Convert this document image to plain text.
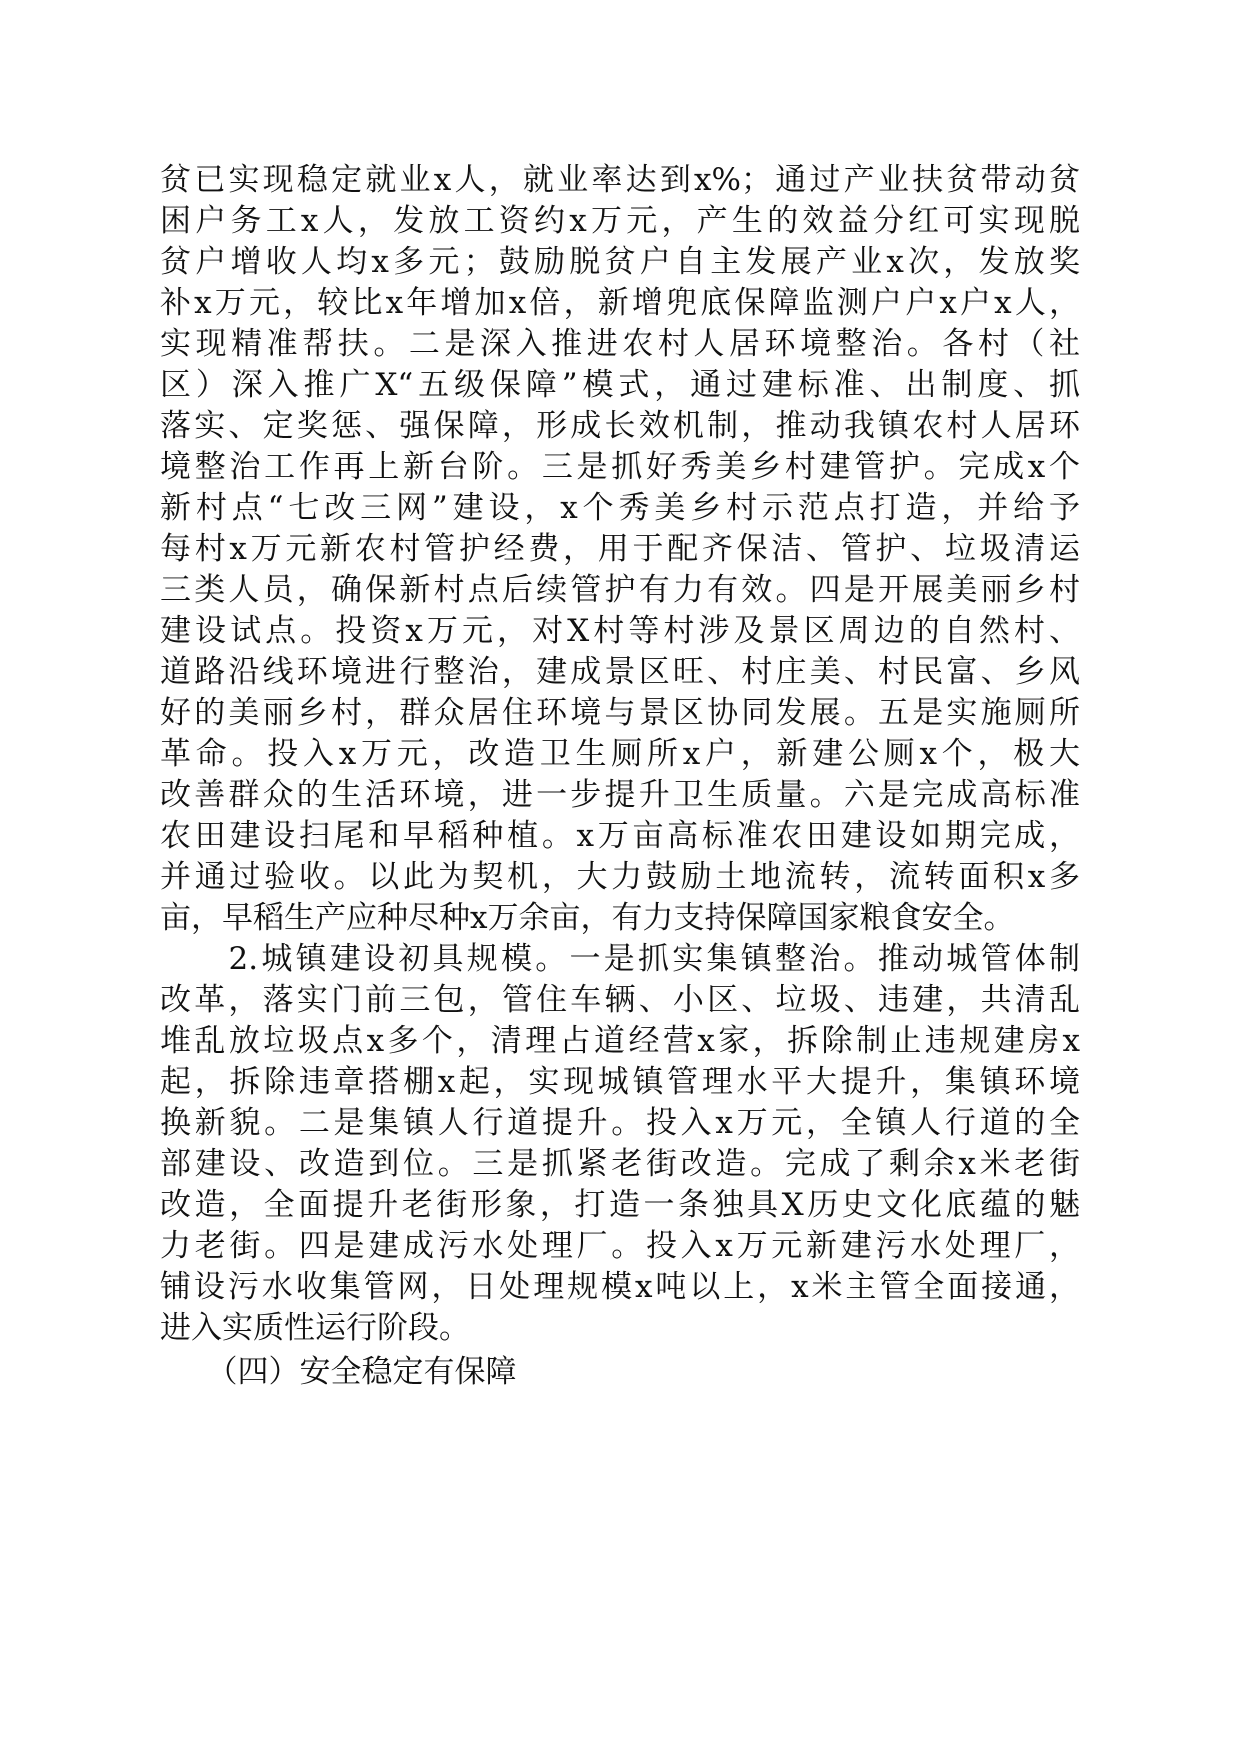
贫已实现稳定就业x人，就业率达到x%；通过产业扶贫带动贫
困户务工x人，发放工资约x万元，产生的效益分红可实现脱
贫户增收人均x多元；鼓励脱贫户自主发展产业x次，发放奖
补x万元，较比x年增加x倍，新增兜底保障监测户户x户x人，
实现精准帮扶。二是深入推进农村人居环境整治。各村（社
区）深入推广X“五级保障”模式，通过建标准、出制度、抓
落实、定奖惩、强保障，形成长效机制，推动我镇农村人居环
境整治工作再上新台阶。三是抓好秀美乡村建管护。完成x个
新村点“七改三网”建设，x个秀美乡村示范点打造，并给予
每村x万元新农村管护经费，用于配齐保洁、管护、垃圾清运
三类人员，确保新村点后续管护有力有效。四是开展美丽乡村
建设试点。投资x万元，对X村等村涉及景区周边的自然村、
道路沿线环境进行整治，建成景区旺、村庄美、村民富、乡风
好的美丽乡村，群众居住环境与景区协同发展。五是实施厕所
革命。投入x万元，改造卫生厕所x户，新建公厕x个，极大
改善群众的生活环境，进一步提升卫生质量。六是完成高标准
农田建设扫尾和早稻种植。x万亩高标准农田建设如期完成，
并通过验收。以此为契机，大力鼓励土地流转，流转面积x多
亩，早稻生产应种尽种x万余亩，有力支持保障国家粮食安全。
　　2.城镇建设初具规模。一是抓实集镇整治。推动城管体制
改革，落实门前三包，管住车辆、小区、垃圾、违建，共清乱
堆乱放垃圾点x多个，清理占道经营x家，拆除制止违规建房x
起，拆除违章搭棚x起，实现城镇管理水平大提升，集镇环境
换新貌。二是集镇人行道提升。投入x万元，全镇人行道的全
部建设、改造到位。三是抓紧老街改造。完成了剩余x米老街
改造，全面提升老街形象，打造一条独具X历史文化底蕴的魅
力老街。四是建成污水处理厂。投入x万元新建污水处理厂，
铺设污水收集管网，日处理规模x吨以上，x米主管全面接通，
进入实质性运行阶段。
　　（四）安全稳定有保障
